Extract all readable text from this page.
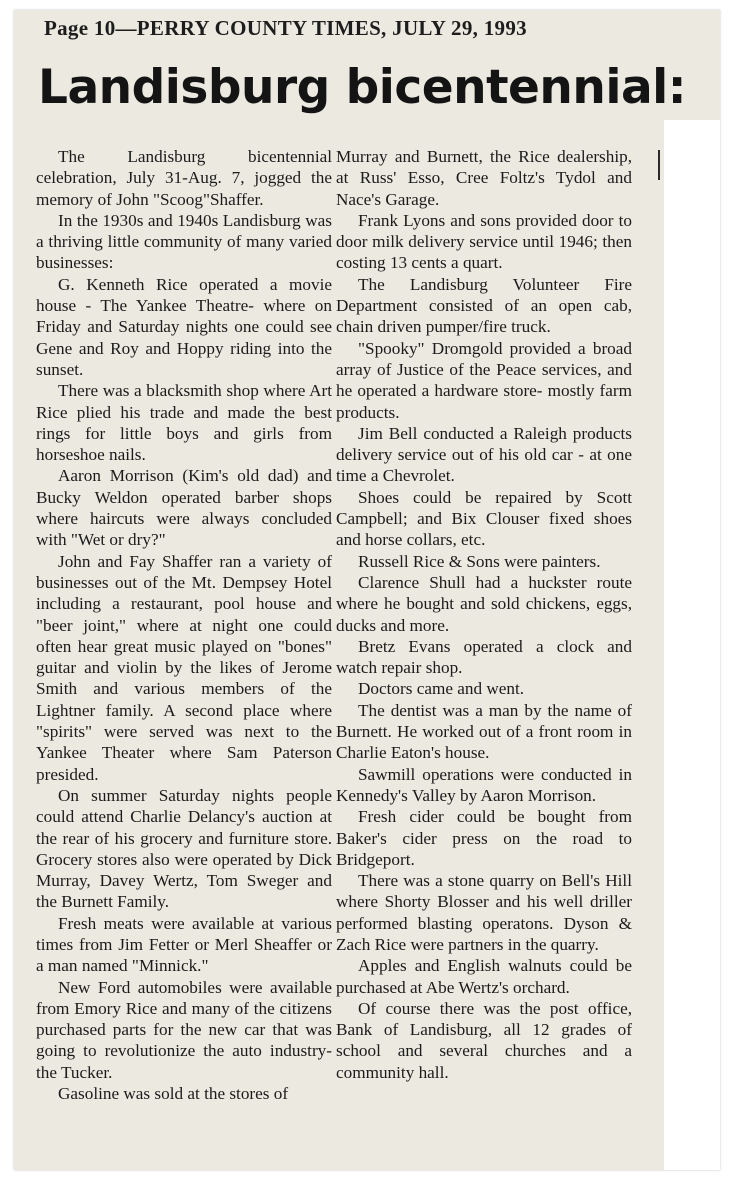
Page 10—PERRY COUNTY TIMES, JULY 29, 1993
Landisburg bicentennial:

The Landisburg bicentennial celebration, July 31-Aug. 7, jogged the memory of John "Scoog"Shaffer.

In the 1930s and 1940s Landisburg was a thriving little community of many varied businesses:

G. Kenneth Rice operated a movie house - The Yankee Theatre- where on Friday and Saturday nights one could see Gene and Roy and Hoppy riding into the sunset.

There was a blacksmith shop where Art Rice plied his trade and made the best rings for little boys and girls from horseshoe nails.

Aaron Morrison (Kim's old dad) and Bucky Weldon operated barber shops where haircuts were always concluded with "Wet or dry?"

John and Fay Shaffer ran a variety of businesses out of the Mt. Dempsey Hotel including a restaurant, pool house and "beer joint," where at night one could often hear great music played on "bones" guitar and violin by the likes of Jerome Smith and various members of the Lightner family. A second place where "spirits" were served was next to the Yankee Theater where Sam Paterson presided.

On summer Saturday nights people could attend Charlie Delancy's auction at the rear of his grocery and furniture store. Grocery stores also were operated by Dick Murray, Davey Wertz, Tom Sweger and the Burnett Family.

Fresh meats were available at various times from Jim Fetter or Merl Sheaffer or a man named "Minnick."

New Ford automobiles were available from Emory Rice and many of the citizens purchased parts for the new car that was going to revolutionize the auto industry- the Tucker.

Gasoline was sold at the stores of

Murray and Burnett, the Rice dealership, at Russ' Esso, Cree Foltz's Tydol and Nace's Garage.

Frank Lyons and sons provided door to door milk delivery service until 1946; then costing 13 cents a quart.

The Landisburg Volunteer Fire Department consisted of an open cab, chain driven pumper/fire truck.

"Spooky" Dromgold provided a broad array of Justice of the Peace services, and he operated a hardware store- mostly farm products.

Jim Bell conducted a Raleigh products delivery service out of his old car - at one time a Chevrolet.

Shoes could be repaired by Scott Campbell; and Bix Clouser fixed shoes and horse collars, etc.

Russell Rice & Sons were painters.

Clarence Shull had a huckster route where he bought and sold chickens, eggs, ducks and more.

Bretz Evans operated a clock and watch repair shop.

Doctors came and went.

The dentist was a man by the name of Burnett. He worked out of a front room in Charlie Eaton's house.

Sawmill operations were conducted in Kennedy's Valley by Aaron Morrison.

Fresh cider could be bought from Baker's cider press on the road to Bridgeport.

There was a stone quarry on Bell's Hill where Shorty Blosser and his well driller performed blasting operatons. Dyson & Zach Rice were partners in the quarry.

Apples and English walnuts could be purchased at Abe Wertz's orchard.

Of course there was the post office, Bank of Landisburg, all 12 grades of school and several churches and a community hall.
